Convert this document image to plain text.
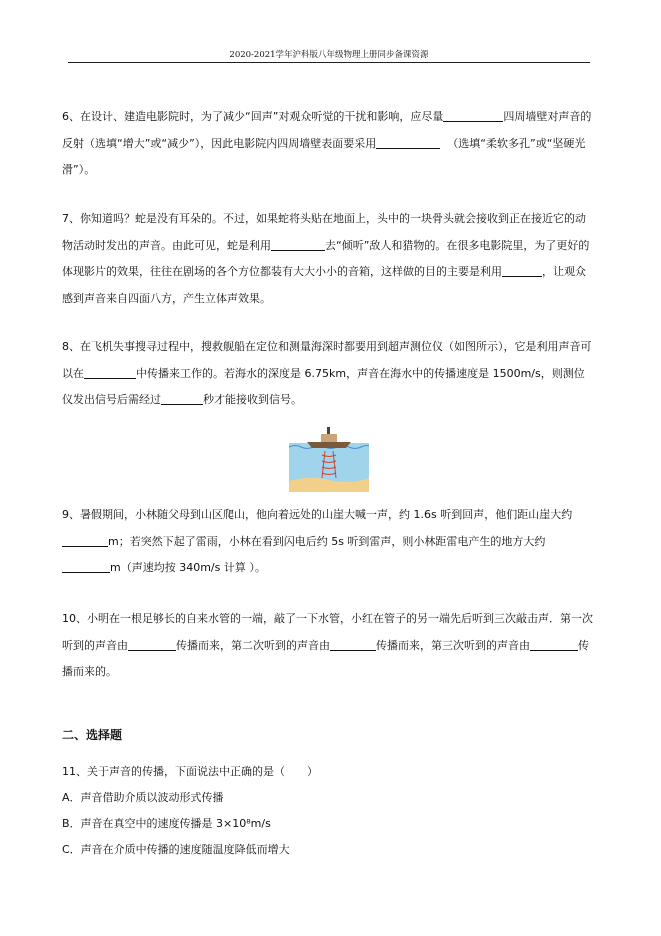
2020-2021学年沪科版八年级物理上册同步备课资源
6、在设计、建造电影院时，为了减少“回声”对观众听觉的干扰和影响，应尽量	四周墙壁对声音的反射（选填“增大”或“减少”），因此电影院内四周墙壁表面要采用	（选填“柔软多孔”或“坚硬光滑”）。
7、你知道吗？蛇是没有耳朵的。不过，如果蛇将头贴在地面上，头中的一块骨头就会接收到正在接近它的动物活动时发出的声音。由此可见，蛇是利用	去“倾听”敌人和猎物的。在很多电影院里，为了更好的体现影片的效果，往往在剧场的各个方位都装有大大小小的音箱，这样做的目的主要是利用	，让观众感到声音来自四面八方，产生立体声效果。
8、在飞机失事搜寻过程中，搜救舰船在定位和测量海深时都要用到超声测位仪（如图所示），它是利用声音可以在	中传播来工作的。若海水的深度是 6.75km，声音在海水中的传播速度是 1500m/s，则测位仪发出信号后需经过	秒才能接收到信号。
9、暑假期间，小林随父母到山区爬山，他向着远处的山崖大喊一声，约 1.6s 听到回声，他们距山崖大约m；若突然下起了雷雨，小林在看到闪电后约 5s 听到雷声，则小林距雷电产生的地方大约
m（声速均按 340m/s 计算 ）。
10、小明在一根足够长的自来水管的一端，敲了一下水管，小红在管子的另一端先后听到三次敲击声．第一次听到的声音由	传播而来，第二次听到的声音由	传播而来，第三次听到的声音由	传播而来的。
二、选择题
11、关于声音的传播，下面说法中正确的是（　　）
A．声音借助介质以波动形式传播
B．声音在真空中的速度传播是 3×10⁸m/s
C．声音在介质中传播的速度随温度降低而增大
